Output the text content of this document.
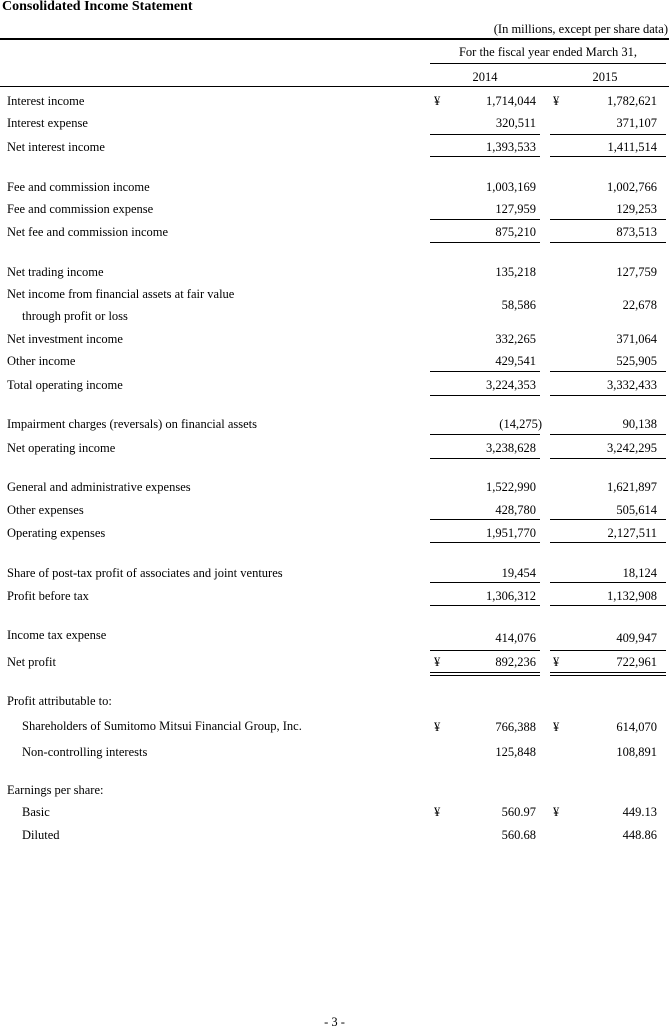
Consolidated Income Statement
(In millions, except per share data)
For the fiscal year ended March 31,
2014	2015
Interest income	¥	1,714,044 ¥	1,782,621
Interest expense	320,511	371,107
Net interest income	1,393,533	1,411,514
Fee and commission income	1,003,169	1,002,766
Fee and commission expense	127,959	129,253
Net fee and commission income	875,210	873,513
Net trading income	135,218	127,759
Net income from financial assets at fair value
through profit or loss
58,586	22,678
Net investment income	332,265	371,064
Other income	429,541	525,905
Total operating income	3,224,353	3,332,433
Impairment charges (reversals) on financial assets	(14,275)	90,138
Net operating income	3,238,628	3,242,295
General and administrative expenses	1,522,990	1,621,897
Other expenses	428,780	505,614
Operating expenses	1,951,770	2,127,511
Share of post-tax profit of associates and joint ventures	19,454	18,124
Profit before tax	1,306,312	1,132,908
Income tax expense	414,076	409,947
Net profit	¥	892,236 ¥	722,961
Profit attributable to:
Shareholders of Sumitomo Mitsui Financial Group, Inc.	¥	766,388 ¥	614,070
Non-controlling interests	125,848	108,891
Earnings per share:
Basic	¥	560.97 ¥	449.13
Diluted	560.68	448.86
- 3 -
